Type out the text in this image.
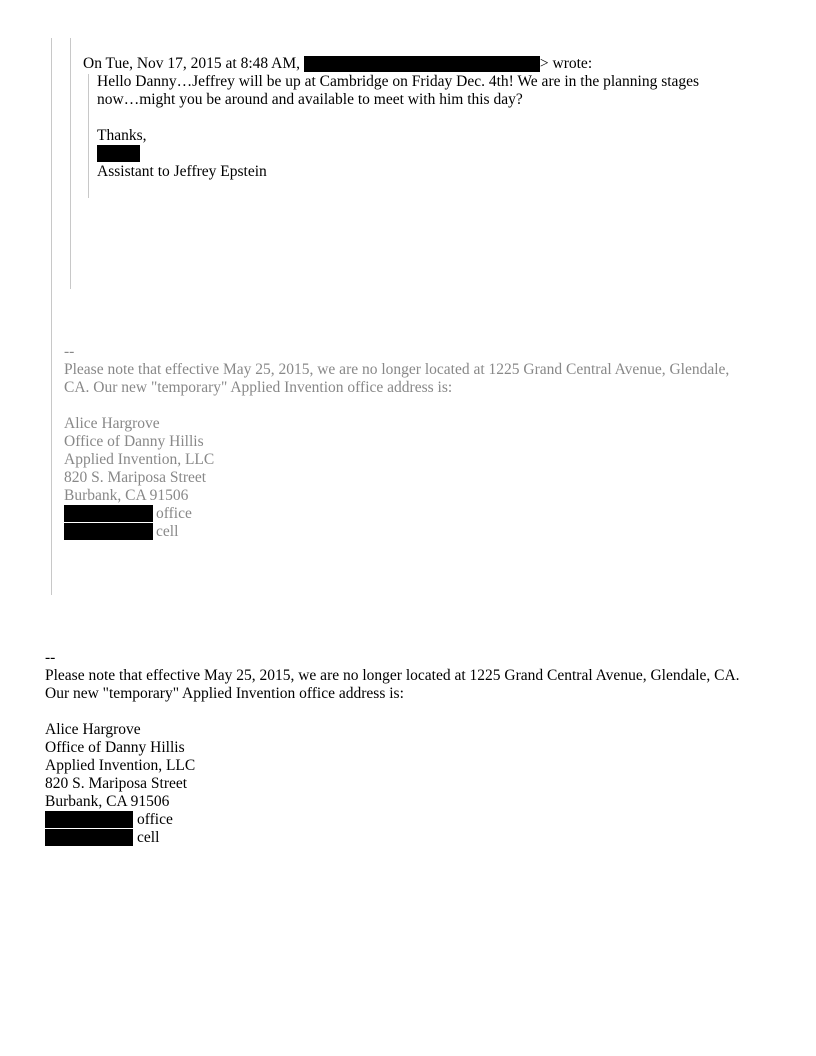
On Tue, Nov 17, 2015 at 8:48 AM,	> wrote:
Hello Danny…Jeffrey will be up at Cambridge on Friday Dec. 4th! We are in the planning stages
now…might you be around and available to meet with him this day?
Thanks,
Assistant to Jeffrey Epstein
--
Please note that effective May 25, 2015, we are no longer located at 1225 Grand Central Avenue, Glendale,
CA. Our new "temporary" Applied Invention office address is:
Alice Hargrove
Office of Danny Hillis
Applied Invention, LLC
820 S. Mariposa Street
Burbank, CA 91506
office
cell
--
Please note that effective May 25, 2015, we are no longer located at 1225 Grand Central Avenue, Glendale, CA.
Our new "temporary" Applied Invention office address is:
Alice Hargrove
Office of Danny Hillis
Applied Invention, LLC
820 S. Mariposa Street
Burbank, CA 91506
office
cell
